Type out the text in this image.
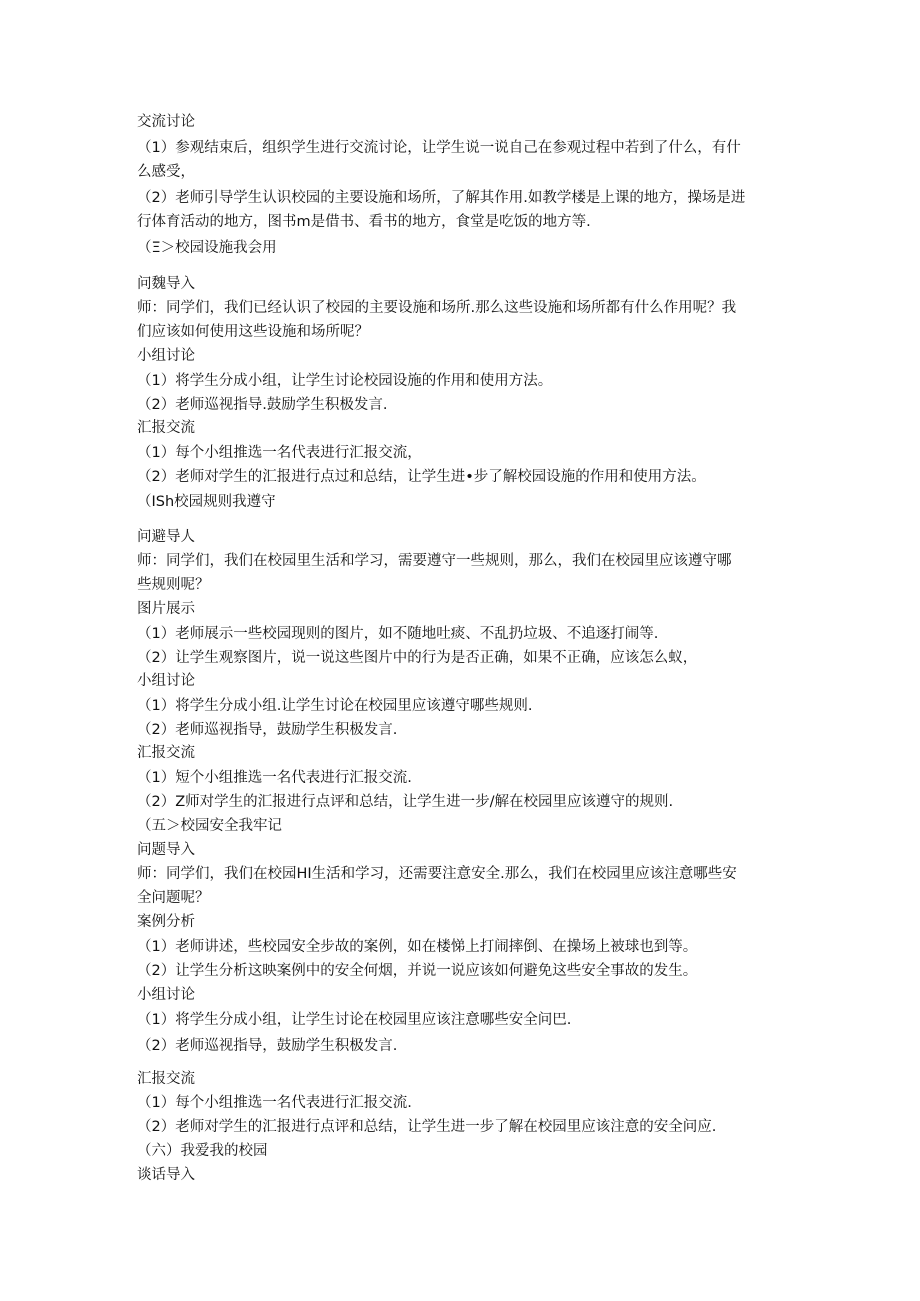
交流讨论
（1）参观结束后，组织学生进行交流讨论，让学生说一说自己在参观过程中若到了什么，有什
么感受，
（2）老师引导学生认识校园的主要设施和场所，了解其作用.如教学楼是上课的地方，操场是进
行体育活动的地方，图书m是借书、看书的地方，食堂是吃饭的地方等.
（Ξ＞校园设施我会用
问魏导入
师：同学们，我们已经认识了校园的主要设施和场所.那么这些设施和场所都有什么作用呢？我
们应该如何使用这些设施和场所呢？
小组讨论
（1）将学生分成小组，让学生讨论校园设施的作用和使用方法。
（2）老师巡视指导.鼓励学生积极发言.
汇报交流
（1）每个小组推选一名代表进行汇报交流，
（2）老师对学生的汇报进行点过和总结，让学生进•步了解校园设施的作用和使用方法。
（ISh校园规则我遵守
问避导人
师：同学们，我们在校园里生活和学习，需要遵守一些规则，那么，我们在校园里应该遵守哪
些规则呢？
图片展示
（1）老师展示一些校园现则的图片，如不随地吐痰、不乱扔垃圾、不追逐打闹等.
（2）让学生观察图片，说一说这些图片中的行为是否正确，如果不正确，应该怎么蚁，
小组讨论
（1）将学生分成小组.让学生讨论在校园里应该遵守哪些规则.
（2）老师巡视指导，鼓励学生积极发言.
汇报交流
（1）短个小组推选一名代表进行汇报交流.
（2）Z师对学生的汇报进行点评和总结，让学生进一步/解在校园里应该遵守的规则.
（五＞校园安全我牢记
问题导入
师：同学们，我们在校园HI生活和学习，还需要注意安全.那么，我们在校园里应该注意哪些安
全问题呢？
案例分析
（1）老师讲述，些校园安全步故的案例，如在楼悌上打闹摔倒、在操场上被球也到等。
（2）让学生分析这映案例中的安全何烟，并说一说应该如何避免这些安全事故的发生。
小组讨论
（1）将学生分成小组，让学生讨论在校园里应该注意哪些安全问巴.
（2）老师巡视指导，鼓励学生积极发言.
汇报交流
（1）每个小组推选一名代表进行汇报交流.
（2）老师对学生的汇报进行点评和总结，让学生进一步了解在校园里应该注意的安全问应.
（六）我爱我的校园
谈话导入
